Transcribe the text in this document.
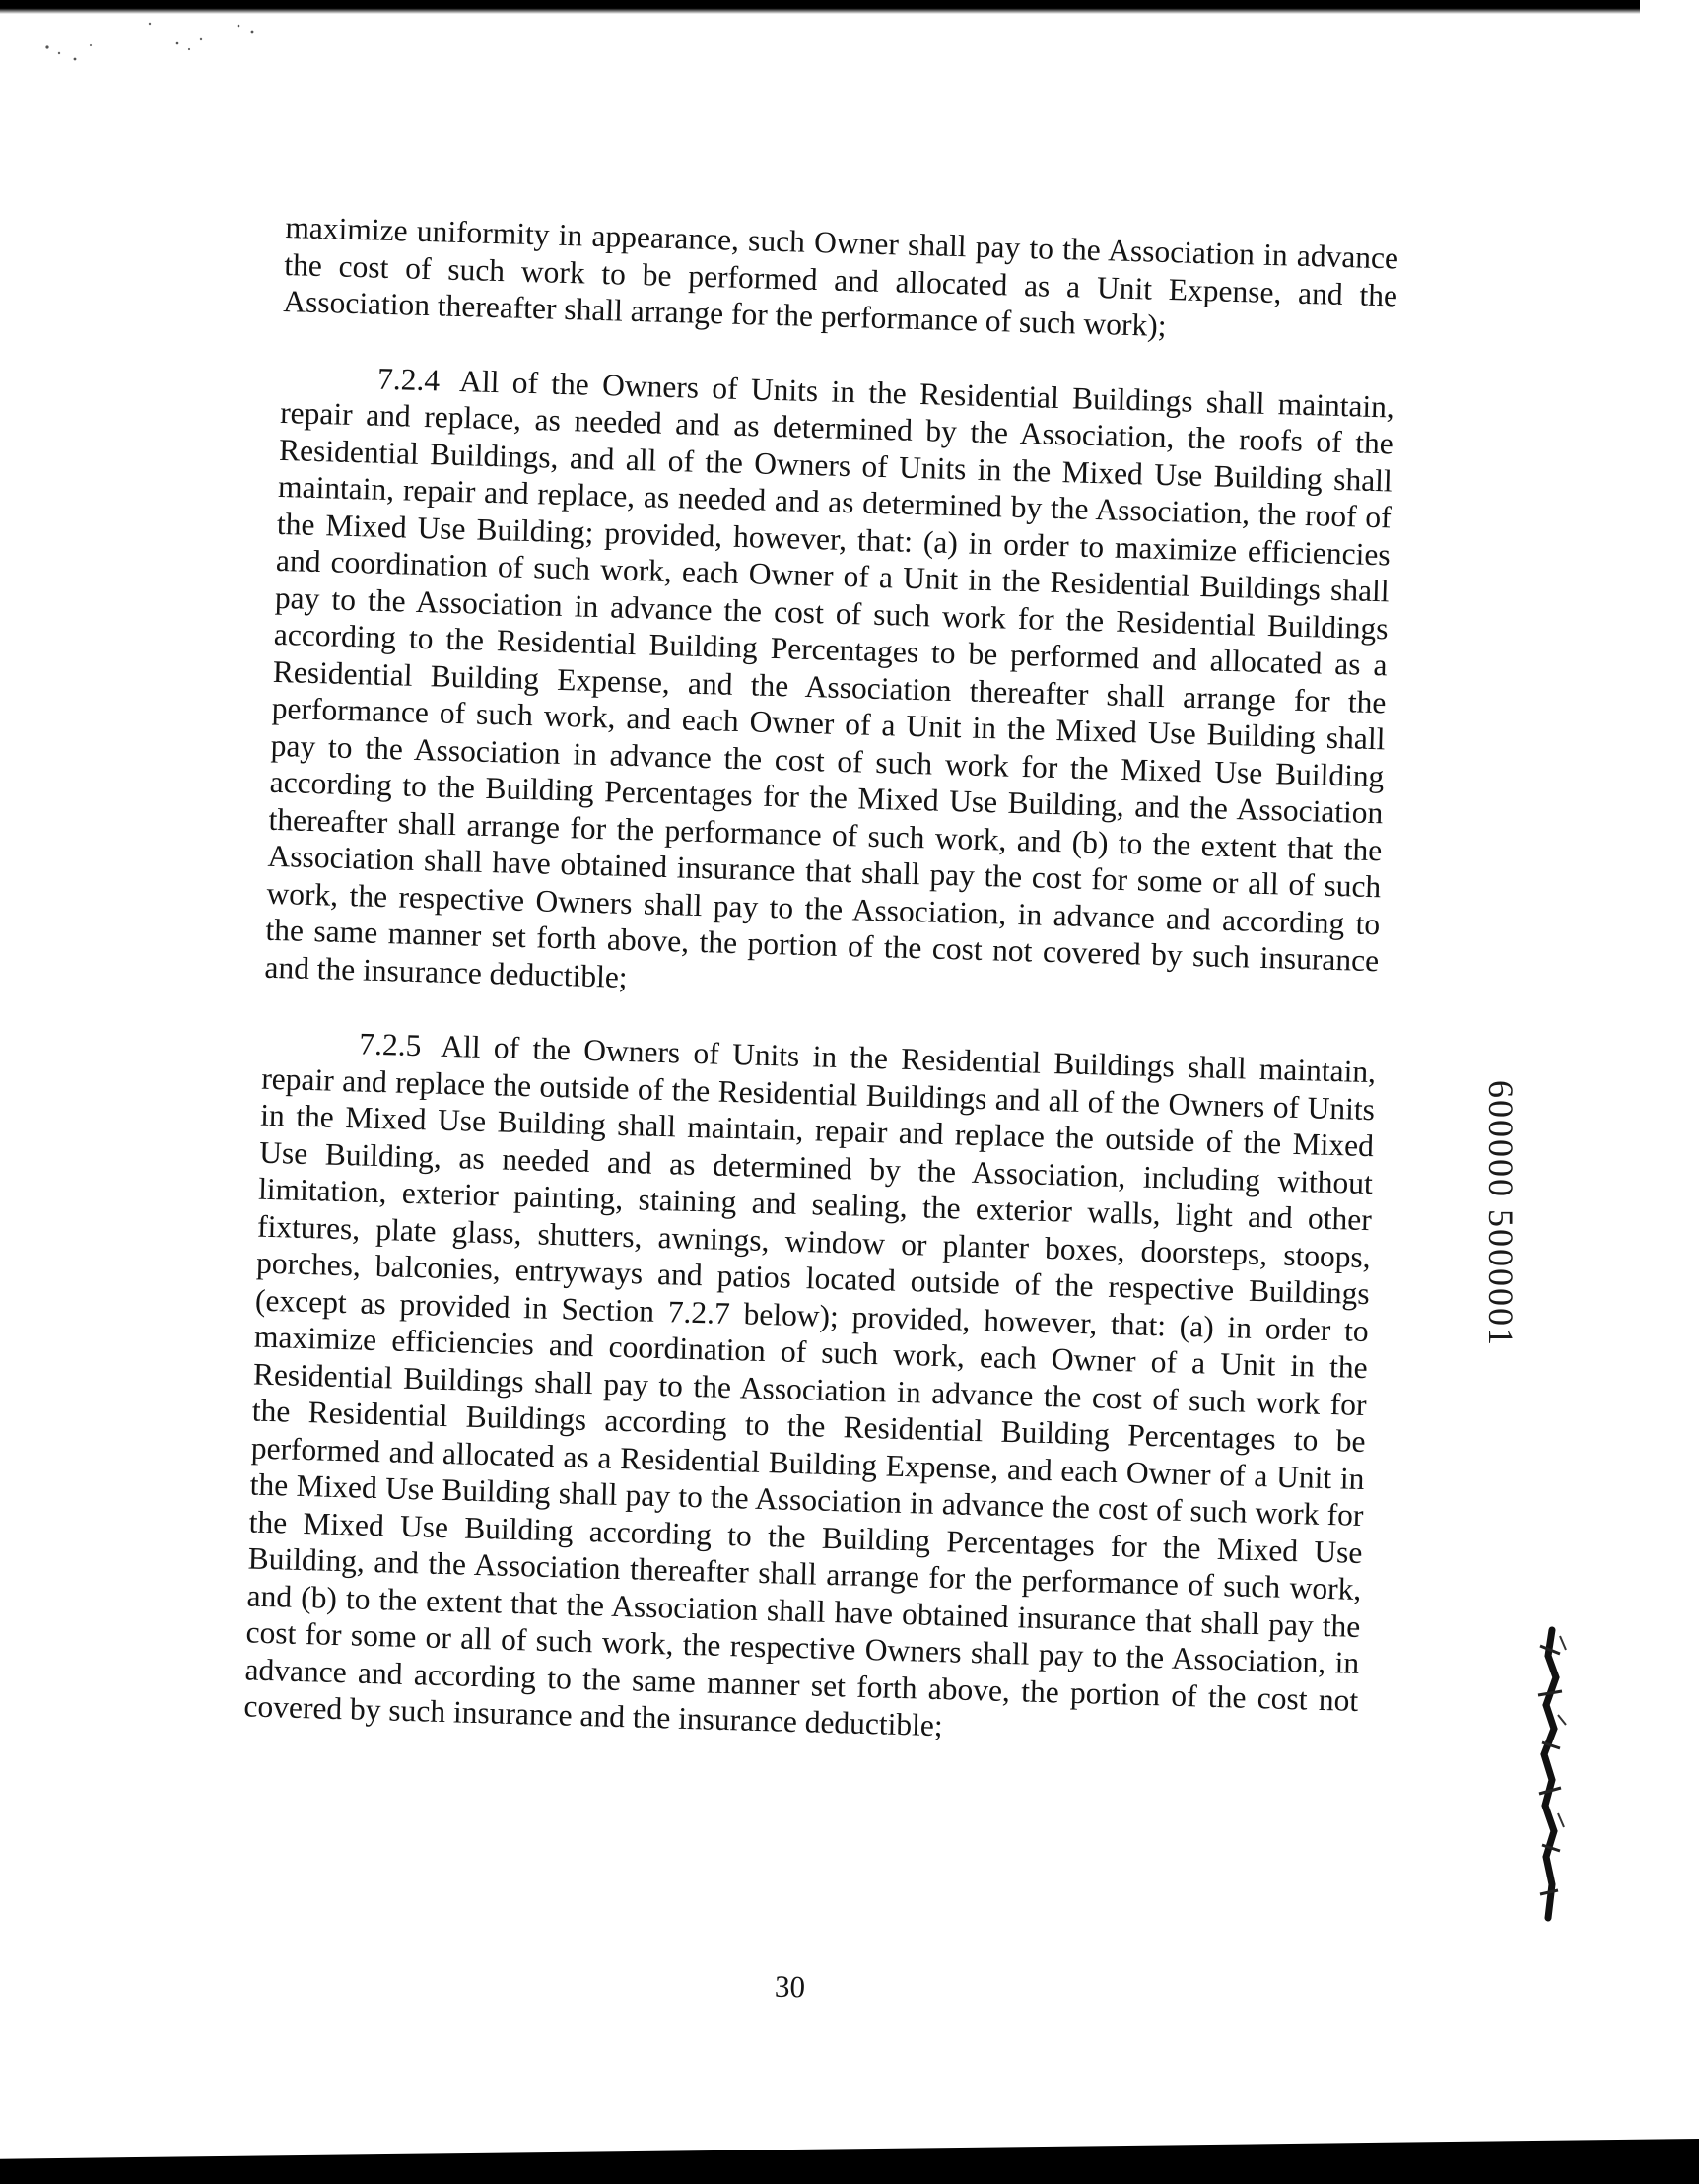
maximize uniformity in appearance, such Owner shall pay to the Association in advance the cost of such work to be performed and allocated as a Unit Expense, and the Association thereafter shall arrange for the performance of such work);

7.2.4 All of the Owners of Units in the Residential Buildings shall maintain, repair and replace, as needed and as determined by the Association, the roofs of the Residential Buildings, and all of the Owners of Units in the Mixed Use Building shall maintain, repair and replace, as needed and as determined by the Association, the roof of the Mixed Use Building; provided, however, that: (a) in order to maximize efficiencies and coordination of such work, each Owner of a Unit in the Residential Buildings shall pay to the Association in advance the cost of such work for the Residential Buildings according to the Residential Building Percentages to be performed and allocated as a Residential Building Expense, and the Association thereafter shall arrange for the performance of such work, and each Owner of a Unit in the Mixed Use Building shall pay to the Association in advance the cost of such work for the Mixed Use Building according to the Building Percentages for the Mixed Use Building, and the Association thereafter shall arrange for the performance of such work, and (b) to the extent that the Association shall have obtained insurance that shall pay the cost for some or all of such work, the respective Owners shall pay to the Association, in advance and according to the same manner set forth above, the portion of the cost not covered by such insurance and the insurance deductible;

7.2.5 All of the Owners of Units in the Residential Buildings shall maintain, repair and replace the outside of the Residential Buildings and all of the Owners of Units in the Mixed Use Building shall maintain, repair and replace the outside of the Mixed Use Building, as needed and as determined by the Association, including without limitation, exterior painting, staining and sealing, the exterior walls, light and other fixtures, plate glass, shutters, awnings, window or planter boxes, doorsteps, stoops, porches, balconies, entryways and patios located outside of the respective Buildings (except as provided in Section 7.2.7 below); provided, however, that: (a) in order to maximize efficiencies and coordination of such work, each Owner of a Unit in the Residential Buildings shall pay to the Association in advance the cost of such work for the Residential Buildings according to the Residential Building Percentages to be performed and allocated as a Residential Building Expense, and each Owner of a Unit in the Mixed Use Building shall pay to the Association in advance the cost of such work for the Mixed Use Building according to the Building Percentages for the Mixed Use Building, and the Association thereafter shall arrange for the performance of such work, and (b) to the extent that the Association shall have obtained insurance that shall pay the cost for some or all of such work, the respective Owners shall pay to the Association, in advance and according to the same manner set forth above, the portion of the cost not covered by such insurance and the insurance deductible;

30
600000 5000001
